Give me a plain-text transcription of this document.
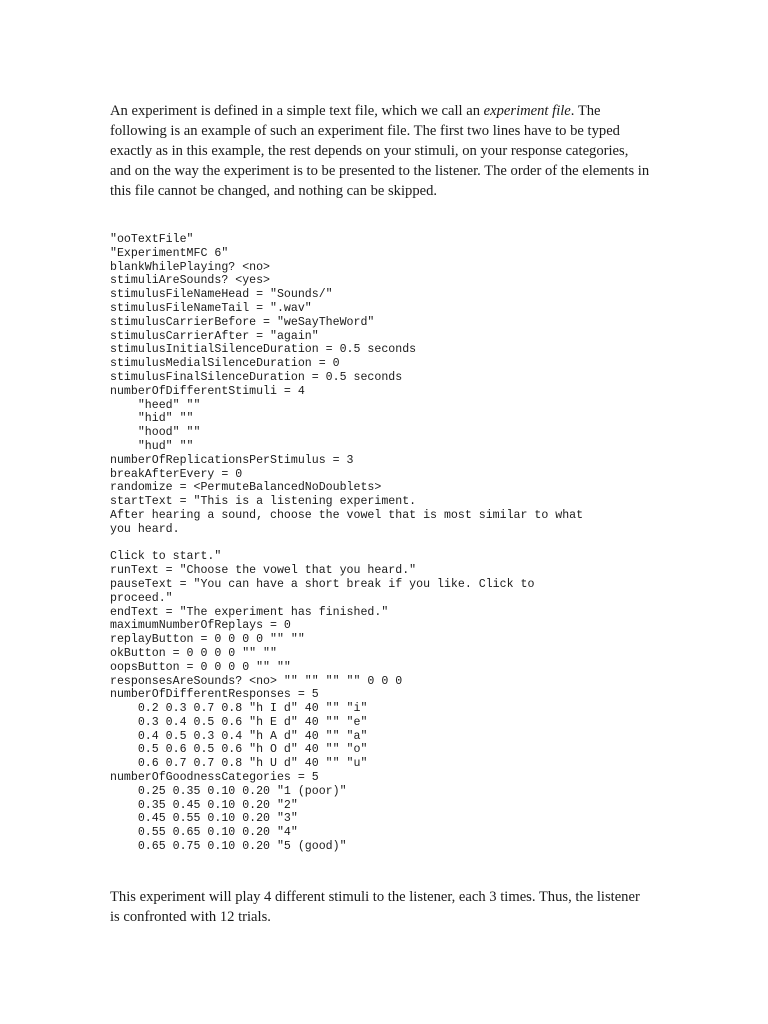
An experiment is defined in a simple text file, which we call an experiment file. The following is an example of such an experiment file. The first two lines have to be typed exactly as in this example, the rest depends on your stimuli, on your response categories, and on the way the experiment is to be presented to the listener. The order of the elements in this file cannot be changed, and nothing can be skipped.

"ooTextFile"
"ExperimentMFC 6"
blankWhilePlaying? <no>
stimuliAreSounds? <yes>
stimulusFileNameHead = "Sounds/"
stimulusFileNameTail = ".wav"
stimulusCarrierBefore = "weSayTheWord"
stimulusCarrierAfter = "again"
stimulusInitialSilenceDuration = 0.5 seconds
stimulusMedialSilenceDuration = 0
stimulusFinalSilenceDuration = 0.5 seconds
numberOfDifferentStimuli = 4
"heed" ""
"hid" ""
"hood" ""
"hud" ""
numberOfReplicationsPerStimulus = 3
breakAfterEvery = 0
randomize = <PermuteBalancedNoDoublets>
startText = "This is a listening experiment.
After hearing a sound, choose the vowel that is most similar to what
you heard.
Click to start."
runText = "Choose the vowel that you heard."
pauseText = "You can have a short break if you like. Click to
proceed."
endText = "The experiment has finished."
maximumNumberOfReplays = 0
replayButton = 0 0 0 0 "" ""
okButton = 0 0 0 0 "" ""
oopsButton = 0 0 0 0 "" ""
responsesAreSounds? <no> "" "" "" "" 0 0 0
numberOfDifferentResponses = 5
0.2 0.3 0.7 0.8 "h I d" 40 "" "i"
0.3 0.4 0.5 0.6 "h E d" 40 "" "e"
0.4 0.5 0.3 0.4 "h A d" 40 "" "a"
0.5 0.6 0.5 0.6 "h O d" 40 "" "o"
0.6 0.7 0.7 0.8 "h U d" 40 "" "u"
numberOfGoodnessCategories = 5
0.25 0.35 0.10 0.20 "1 (poor)"
0.35 0.45 0.10 0.20 "2"
0.45 0.55 0.10 0.20 "3"
0.55 0.65 0.10 0.20 "4"
0.65 0.75 0.10 0.20 "5 (good)"

This experiment will play 4 different stimuli to the listener, each 3 times. Thus, the listener is confronted with 12 trials.
